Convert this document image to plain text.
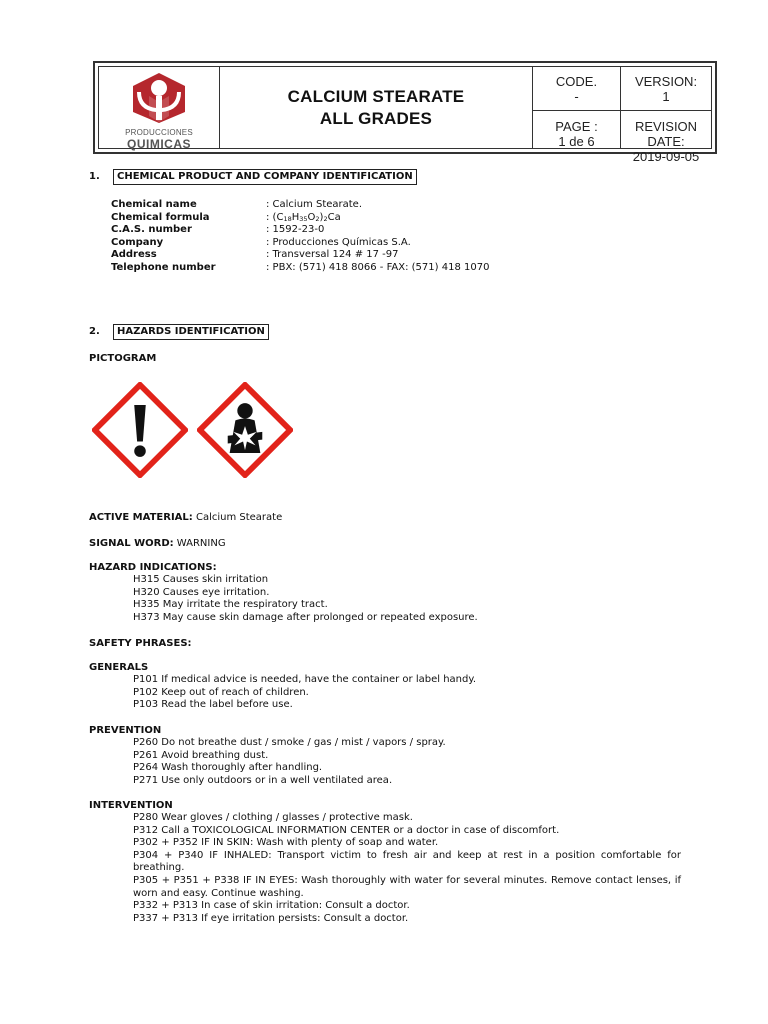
PRODUCCIONES
QUIMICAS
CALCIUM STEARATE
ALL GRADES
CODE.
-
VERSION:
1
PAGE :
1 de 6
REVISION DATE:
2019-09-05
1. CHEMICAL PRODUCT AND COMPANY IDENTIFICATION
Chemical name	: Calcium Stearate.
Chemical formula	: $(C_{18}H_{35}O_2)_2Ca$
C.A.S. number	: 1592-23-0
Company	: Producciones Químicas S.A.
Address	: Transversal 124 # 17 -97
Telephone number	: PBX: (571) 418 8066 - FAX: (571) 418 1070
2. HAZARDS IDENTIFICATION
PICTOGRAM
ACTIVE MATERIAL: Calcium Stearate
SIGNAL WORD: WARNING
HAZARD INDICATIONS:
H315 Causes skin irritation
H320 Causes eye irritation.
H335 May irritate the respiratory tract.
H373 May cause skin damage after prolonged or repeated exposure.
SAFETY PHRASES:
GENERALS
P101 If medical advice is needed, have the container or label handy.
P102 Keep out of reach of children.
P103 Read the label before use.
PREVENTION
P260 Do not breathe dust / smoke / gas / mist / vapors / spray.
P261 Avoid breathing dust.
P264 Wash thoroughly after handling.
P271 Use only outdoors or in a well ventilated area.
INTERVENTION
P280 Wear gloves / clothing / glasses / protective mask.
P312 Call a TOXICOLOGICAL INFORMATION CENTER or a doctor in case of discomfort.
P302 + P352 IF IN SKIN: Wash with plenty of soap and water.
P304 + P340 IF INHALED: Transport victim to fresh air and keep at rest in a position comfortable for breathing.
P305 + P351 + P338 IF IN EYES: Wash thoroughly with water for several minutes. Remove contact lenses, if worn and easy. Continue washing.
P332 + P313 In case of skin irritation: Consult a doctor.
P337 + P313 If eye irritation persists: Consult a doctor.
